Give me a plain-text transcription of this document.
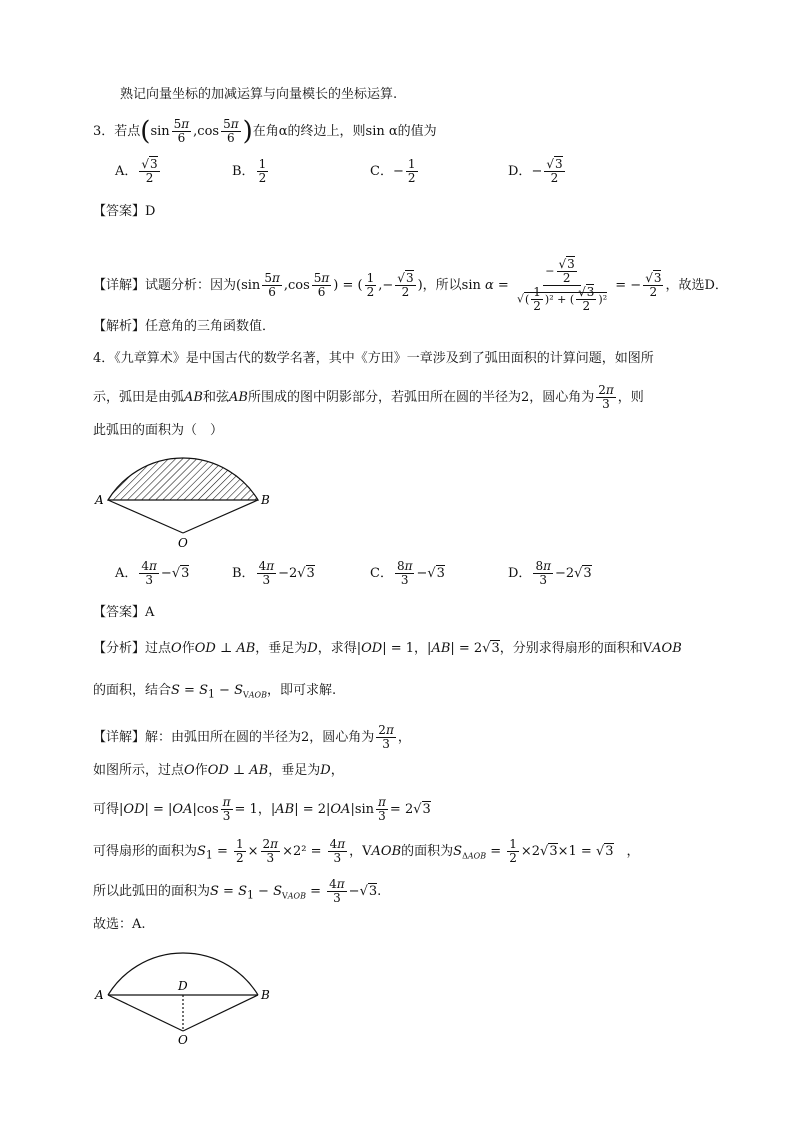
熟记向量坐标的加减运算与向量模长的坐标运算.
3．若点($\sin \frac{5\pi}{6} ,\cos \frac{5\pi}{6}$ )在角α的终边上，则sin α的值为
A． $\frac{√3}{2}$	B． $\frac{1}{2}$	C．− $\frac{1}{2}$	D．− $\frac{√3}{2}$
【答案】D
【详解】试题分析：因为($\sin \frac{5\pi}{6} ,\cos \frac{5\pi}{6}$ ) = ( $\frac{1}{2}$ ,− $\frac{√3}{2}$ )，所以$\sin \alpha = \frac{- \frac{√3}{2}}{√( \frac{1}{2} )^2 + ( \frac{√3}{2} )^2}$ = − $\frac{√3}{2}$ ，故选D．
【解析】任意角的三角函数值．
4．《九章算术》是中国古代的数学名著，其中《方田》一章涉及到了弧田面积的计算问题，如图所
示，弧田是由弧AB和弦AB所围成的图中阴影部分，若弧田所在圆的半径为2，圆心角为 $\frac{2\pi}{3}$ ，则
此弧田的面积为（　）
A	B
O
A． $\frac{4\pi}{3} -√3$	B． $\frac{4\pi}{3} -2√3$	C． $\frac{8\pi}{3} -√3$	D． $\frac{8\pi}{3} -2√3$
【答案】A
【分析】过点O作OD ⊥ AB，垂足为D，求得|OD| = 1，|AB| = 2√3，分别求得扇形的面积和VAOB
的面积，结合$S = S_1 - S_{VAOB}$，即可求解.
【详解】解：由弧田所在圆的半径为2，圆心角为 $\frac{2\pi}{3}$ ，
如图所示，过点O作OD ⊥ AB，垂足为D，
可得$|OD| = |OA|\cos \frac{\pi}{3} = 1$，$|AB| = 2|OA|\sin \frac{\pi}{3} = 2√3$
可得扇形的面积为$S_1 = \frac{1}{2} \times \frac{2\pi}{3} \times 2^2 = \frac{4\pi}{3}$ ，VAOB的面积为$S_{\Delta AOB} = \frac{1}{2} \times 2√3\times 1 = √3$　 ，
所以此弧田的面积为$S = S_1 - S_{VAOB} = \frac{4\pi}{3} -√3$.
故选：A.
A	B
D
O
